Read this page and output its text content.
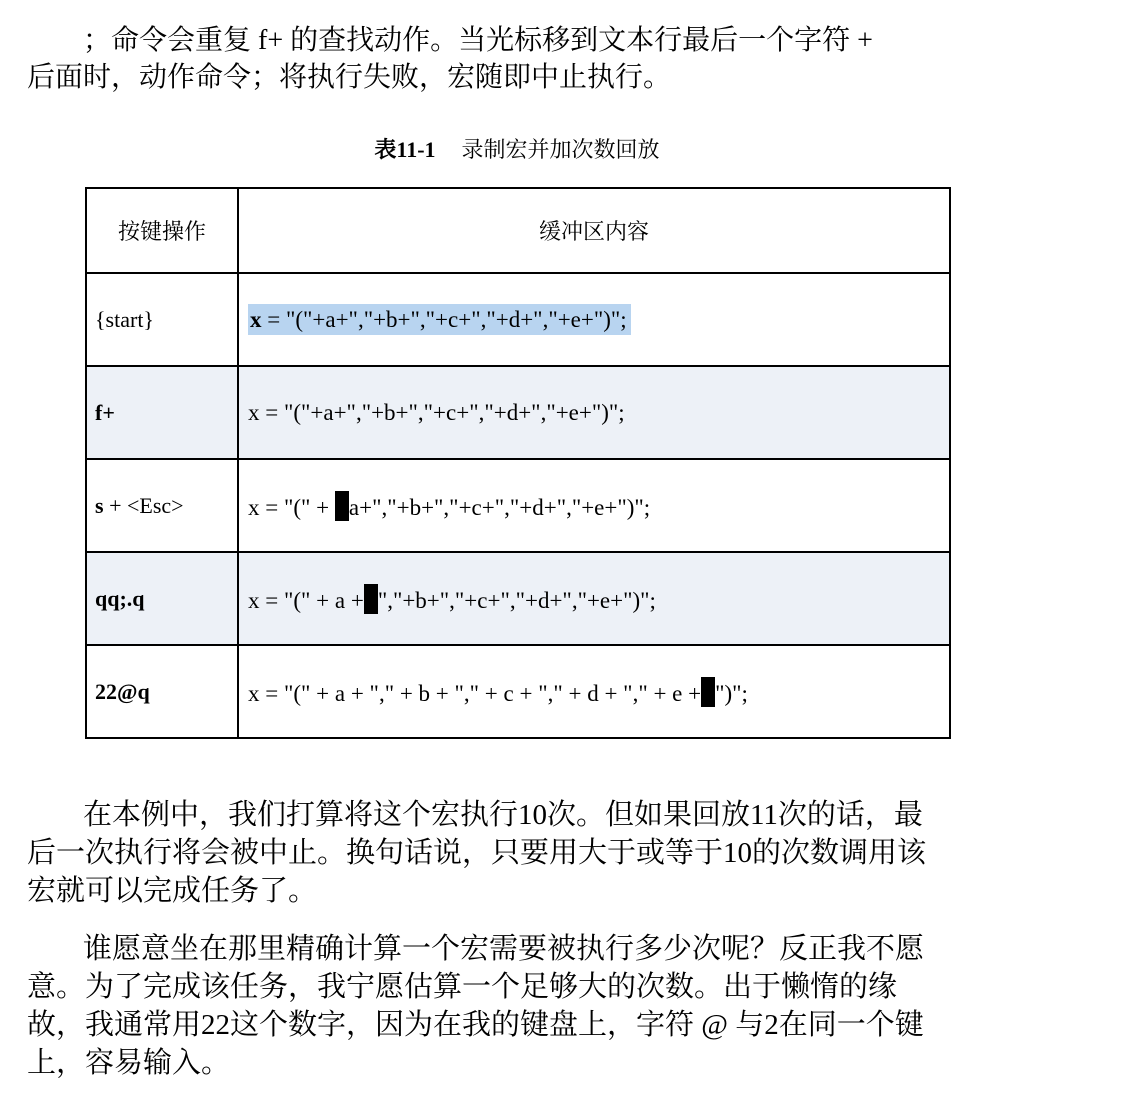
；命令会重复 f+ 的查找动作。当光标移到文本行最后一个字符 +
后面时，动作命令；将执行失败，宏随即中止执行。
表11-1 录制宏并加次数回放
按键操作	缓冲区内容
{start}	x = "("+a+","+b+","+c+","+d+","+e+")";
f+	x = "("+a+","+b+","+c+","+d+","+e+")";
s + <Esc>	x = "(" + a+","+b+","+c+","+d+","+e+")";
qq;.q	x = "(" + a + ","+b+","+c+","+d+","+e+")";
22@q	x = "(" + a + "," + b + "," + c + "," + d + "," + e + ")";
在本例中，我们打算将这个宏执行10次。但如果回放11次的话，最
后一次执行将会被中止。换句话说，只要用大于或等于10的次数调用该
宏就可以完成任务了。
谁愿意坐在那里精确计算一个宏需要被执行多少次呢？反正我不愿
意。为了完成该任务，我宁愿估算一个足够大的次数。出于懒惰的缘
故，我通常用22这个数字，因为在我的键盘上，字符 @ 与2在同一个键
上，容易输入。
